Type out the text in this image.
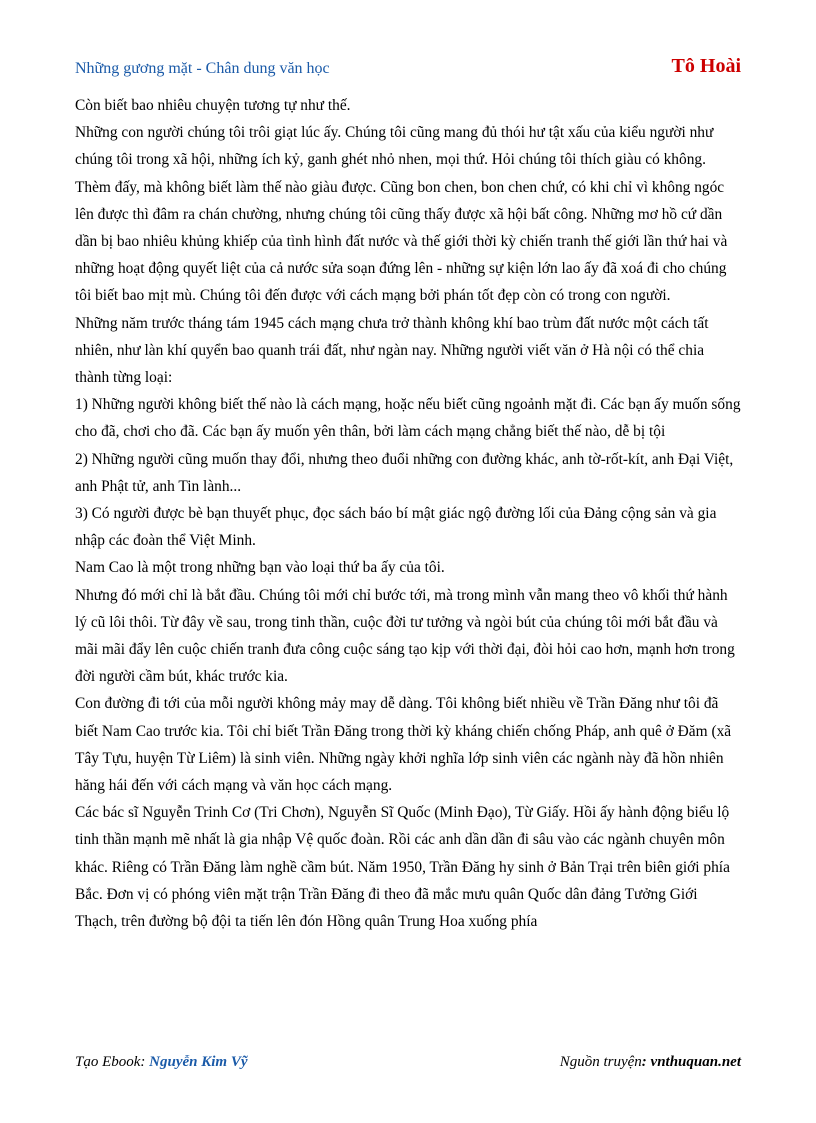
Những gương mặt - Chân dung văn học	Tô Hoài

Còn biết bao nhiêu chuyện tương tự như thế.

Những con người chúng tôi trôi giạt lúc ấy. Chúng tôi cũng mang đủ thói hư tật xấu của kiểu người như chúng tôi trong xã hội, những ích kỷ, ganh ghét nhỏ nhen, mọi thứ. Hỏi chúng tôi thích giàu có không.

Thèm đấy, mà không biết làm thế nào giàu được. Cũng bon chen, bon chen chứ, có khi chỉ vì không ngóc lên được thì đâm ra chán chường, nhưng chúng tôi cũng thấy được xã hội bất công. Những mơ hồ cứ dần dần bị bao nhiêu khủng khiếp của tình hình đất nước và thế giới thời kỳ chiến tranh thế giới lần thứ hai và những hoạt động quyết liệt của cả nước sửa soạn đứng lên - những sự kiện lớn lao ấy đã xoá đi cho chúng tôi biết bao mịt mù. Chúng tôi đến được với cách mạng bởi phán tốt đẹp còn có trong con người.

Những năm trước tháng tám 1945 cách mạng chưa trở thành không khí bao trùm đất nước một cách tất nhiên, như làn khí quyển bao quanh trái đất, như ngàn nay. Những người viết văn ở Hà nội có thể chia thành từng loại:

1) Những người không biết thế nào là cách mạng, hoặc nếu biết cũng ngoảnh mặt đi. Các bạn ấy muốn sống cho đã, chơi cho đã. Các bạn ấy muốn yên thân, bởi làm cách mạng chẳng biết thế nào, dễ bị tội

2) Những người cũng muốn thay đổi, nhưng theo đuổi những con đường khác, anh tờ-rốt-kít, anh Đại Việt, anh Phật tử, anh Tin lành...

3) Có người được bè bạn thuyết phục, đọc sách báo bí mật giác ngộ đường lối của Đảng cộng sản và gia nhập các đoàn thể Việt Minh.

Nam Cao là một trong những bạn vào loại thứ ba ấy của tôi.

Nhưng đó mới chỉ là bắt đầu. Chúng tôi mới chỉ bước tới, mà trong mình vẫn mang theo vô khối thứ hành lý cũ lôi thôi. Từ đây về sau, trong tinh thần, cuộc đời tư tưởng và ngòi bút của chúng tôi mới bắt đầu và mãi mãi đẩy lên cuộc chiến tranh đưa công cuộc sáng tạo kịp với thời đại, đòi hỏi cao hơn, mạnh hơn trong đời người cầm bút, khác trước kia.

Con đường đi tới của mỗi người không mảy may dễ dàng. Tôi không biết nhiều về Trần Đăng như tôi đã biết Nam Cao trước kia. Tôi chỉ biết Trần Đăng trong thời kỳ kháng chiến chống Pháp, anh quê ở Đăm (xã Tây Tựu, huyện Từ Liêm) là sinh viên. Những ngày khởi nghĩa lớp sinh viên các ngành này đã hồn nhiên hăng hái đến với cách mạng và văn học cách mạng.

Các bác sĩ Nguyễn Trinh Cơ (Tri Chơn), Nguyễn Sĩ Quốc (Minh Đạo), Từ Giấy. Hồi ấy hành động biểu lộ tinh thần mạnh mẽ nhất là gia nhập Vệ quốc đoàn. Rồi các anh dần dần đi sâu vào các ngành chuyên môn khác. Riêng có Trần Đăng làm nghề cầm bút. Năm 1950, Trần Đăng hy sinh ở Bản Trại trên biên giới phía Bắc. Đơn vị có phóng viên mặt trận Trần Đăng đi theo đã mắc mưu quân Quốc dân đảng Tưởng Giới Thạch, trên đường bộ đội ta tiến lên đón Hồng quân Trung Hoa xuống phía

Tạo Ebook: Nguyễn Kim Vỹ	Nguồn truyện: vnthuquan.net
